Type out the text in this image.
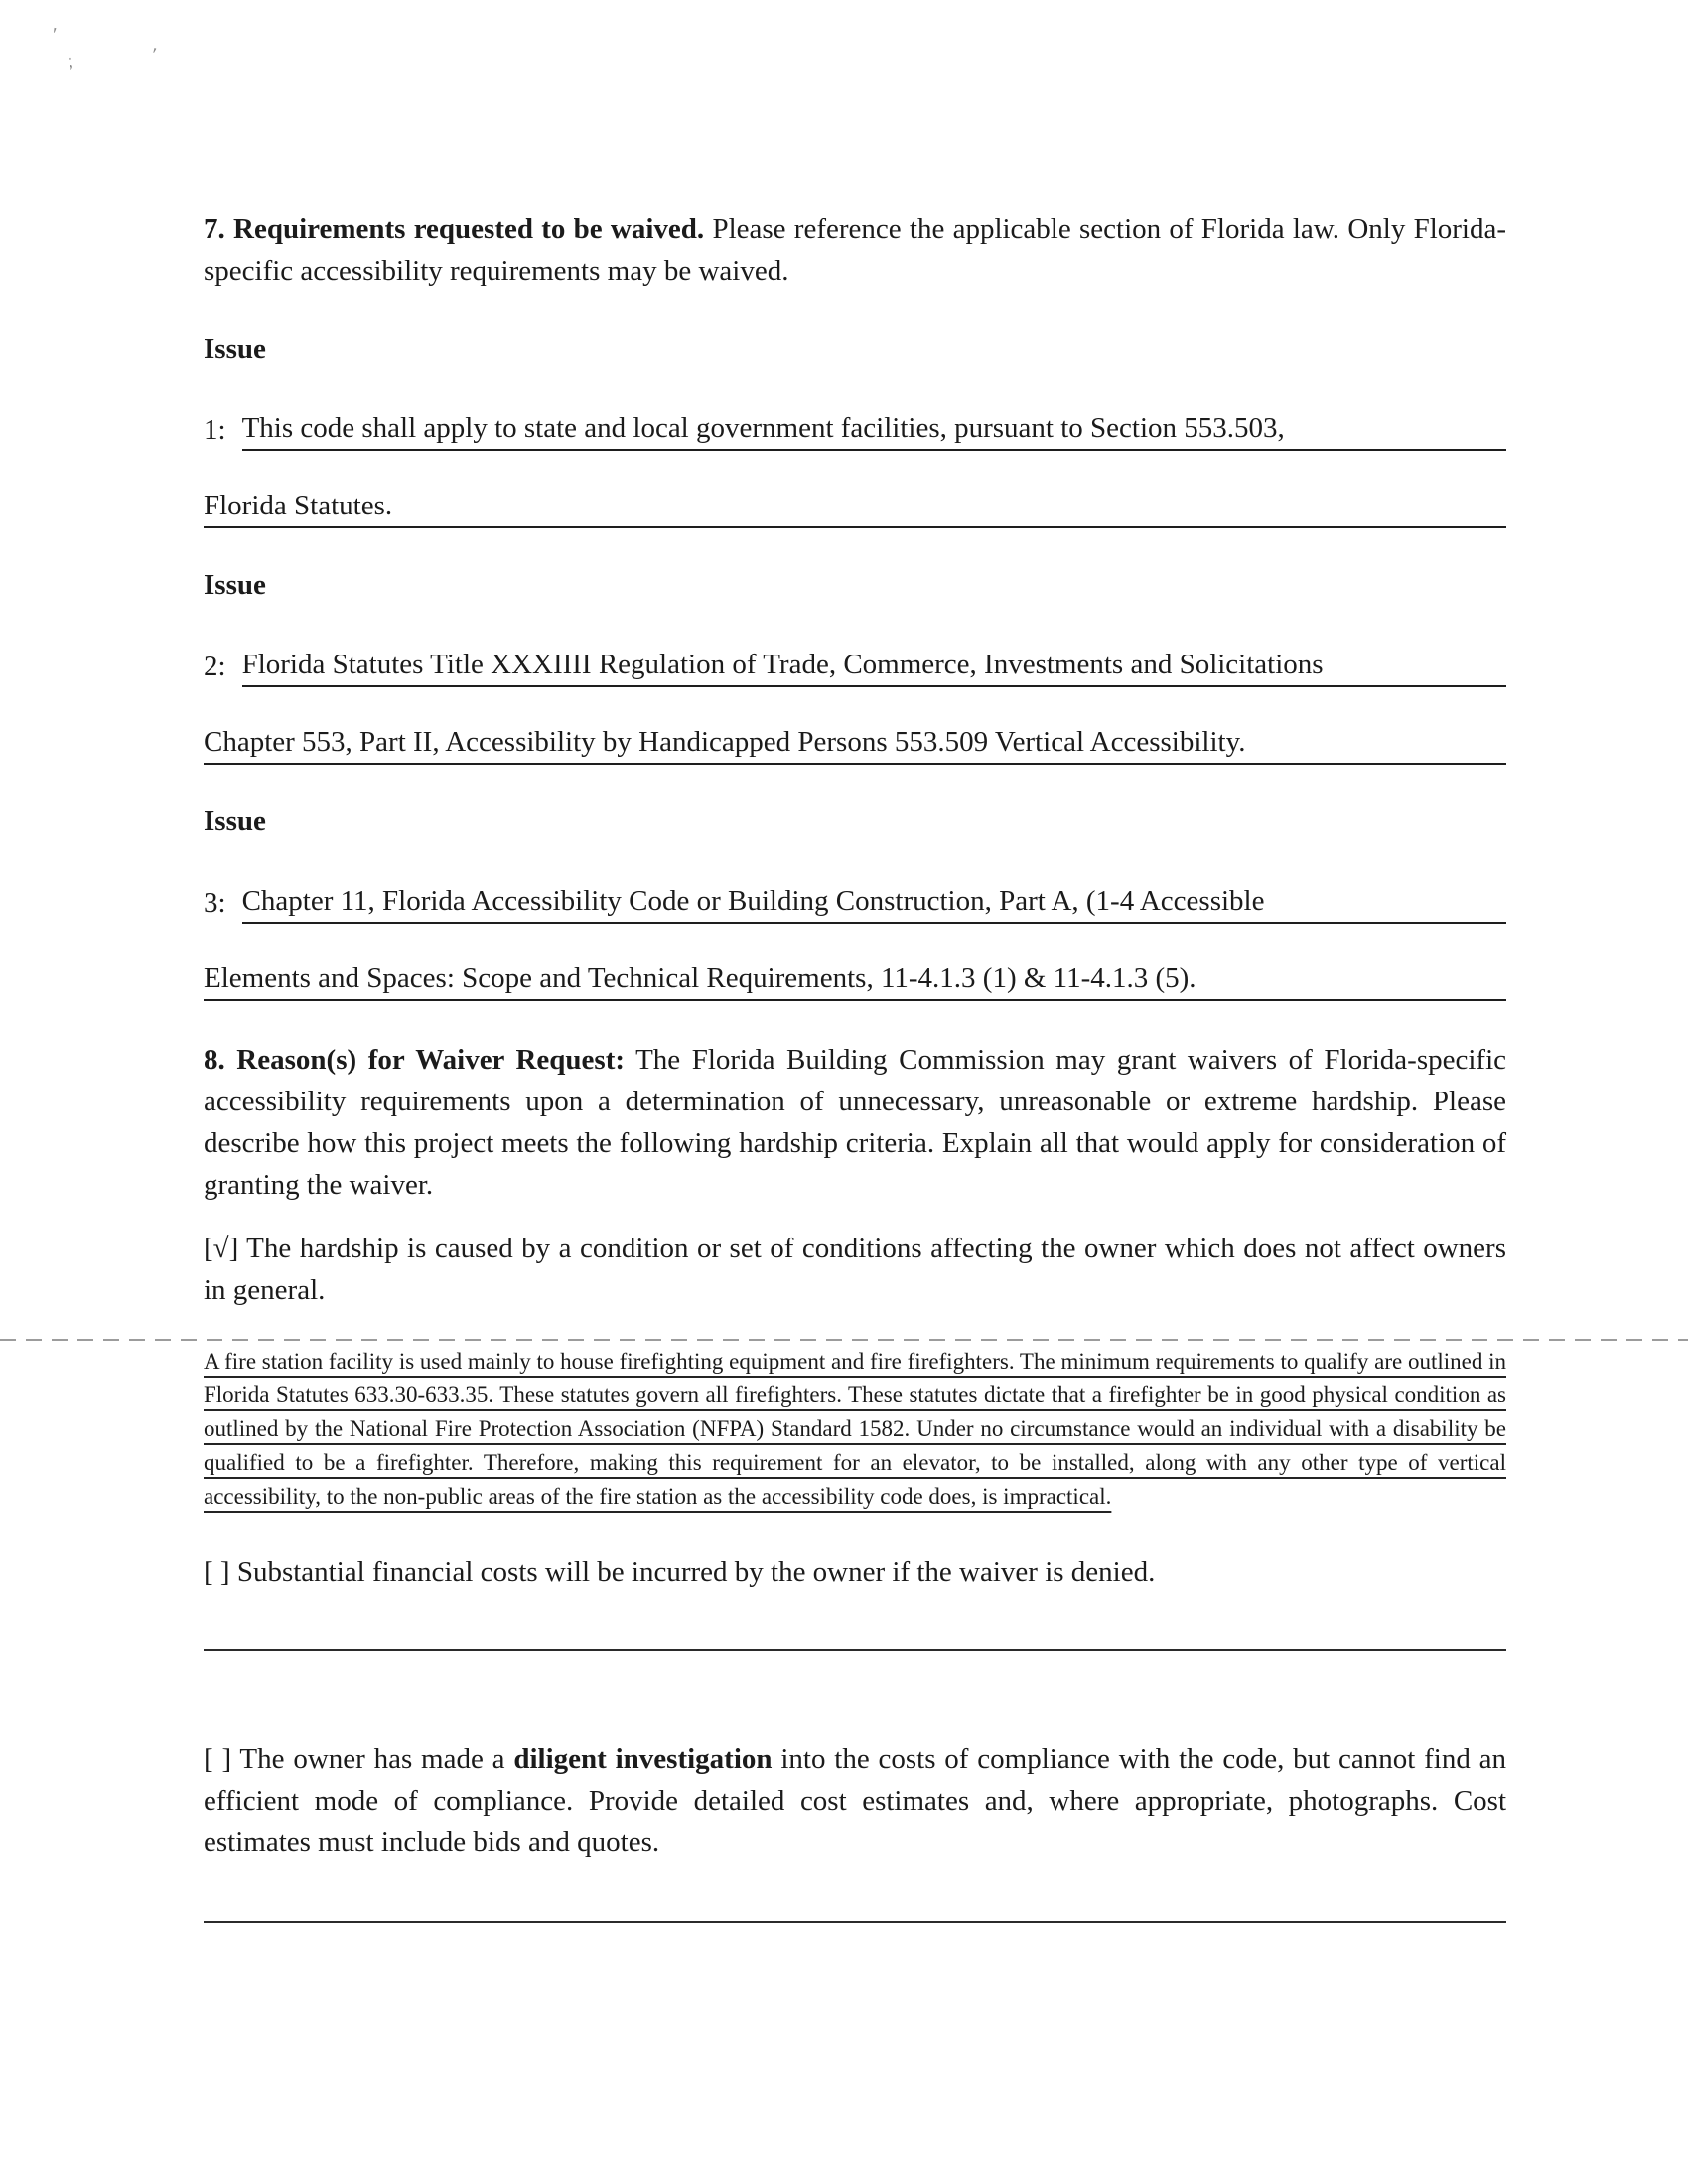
'
;	'

7. Requirements requested to be waived. Please reference the applicable section of Florida law. Only Florida-specific accessibility requirements may be waived.

Issue
1: This code shall apply to state and local government facilities, pursuant to Section 553.503,
Florida Statutes.
Issue
2: Florida Statutes Title XXXIIII Regulation of Trade, Commerce, Investments and Solicitations
Chapter 553, Part II, Accessibility by Handicapped Persons 553.509 Vertical Accessibility.
Issue
3: Chapter 11, Florida Accessibility Code or Building Construction, Part A, (1-4 Accessible
Elements and Spaces: Scope and Technical Requirements, 11-4.1.3 (1) & 11-4.1.3 (5).

8. Reason(s) for Waiver Request: The Florida Building Commission may grant waivers of Florida-specific accessibility requirements upon a determination of unnecessary, unreasonable or extreme hardship. Please describe how this project meets the following hardship criteria. Explain all that would apply for consideration of granting the waiver.

[√] The hardship is caused by a condition or set of conditions affecting the owner which does not affect owners in general.

A fire station facility is used mainly to house firefighting equipment and fire firefighters. The minimum requirements to qualify are outlined in Florida Statutes 633.30-633.35. These statutes govern all firefighters. These statutes dictate that a firefighter be in good physical condition as outlined by the National Fire Protection Association (NFPA) Standard 1582. Under no circumstance would an individual with a disability be qualified to be a firefighter. Therefore, making this requirement for an elevator, to be installed, along with any other type of vertical accessibility, to the non-public areas of the fire station as the accessibility code does, is impractical.

[ ] Substantial financial costs will be incurred by the owner if the waiver is denied.

[ ] The owner has made a diligent investigation into the costs of compliance with the code, but cannot find an efficient mode of compliance. Provide detailed cost estimates and, where appropriate, photographs. Cost estimates must include bids and quotes.
